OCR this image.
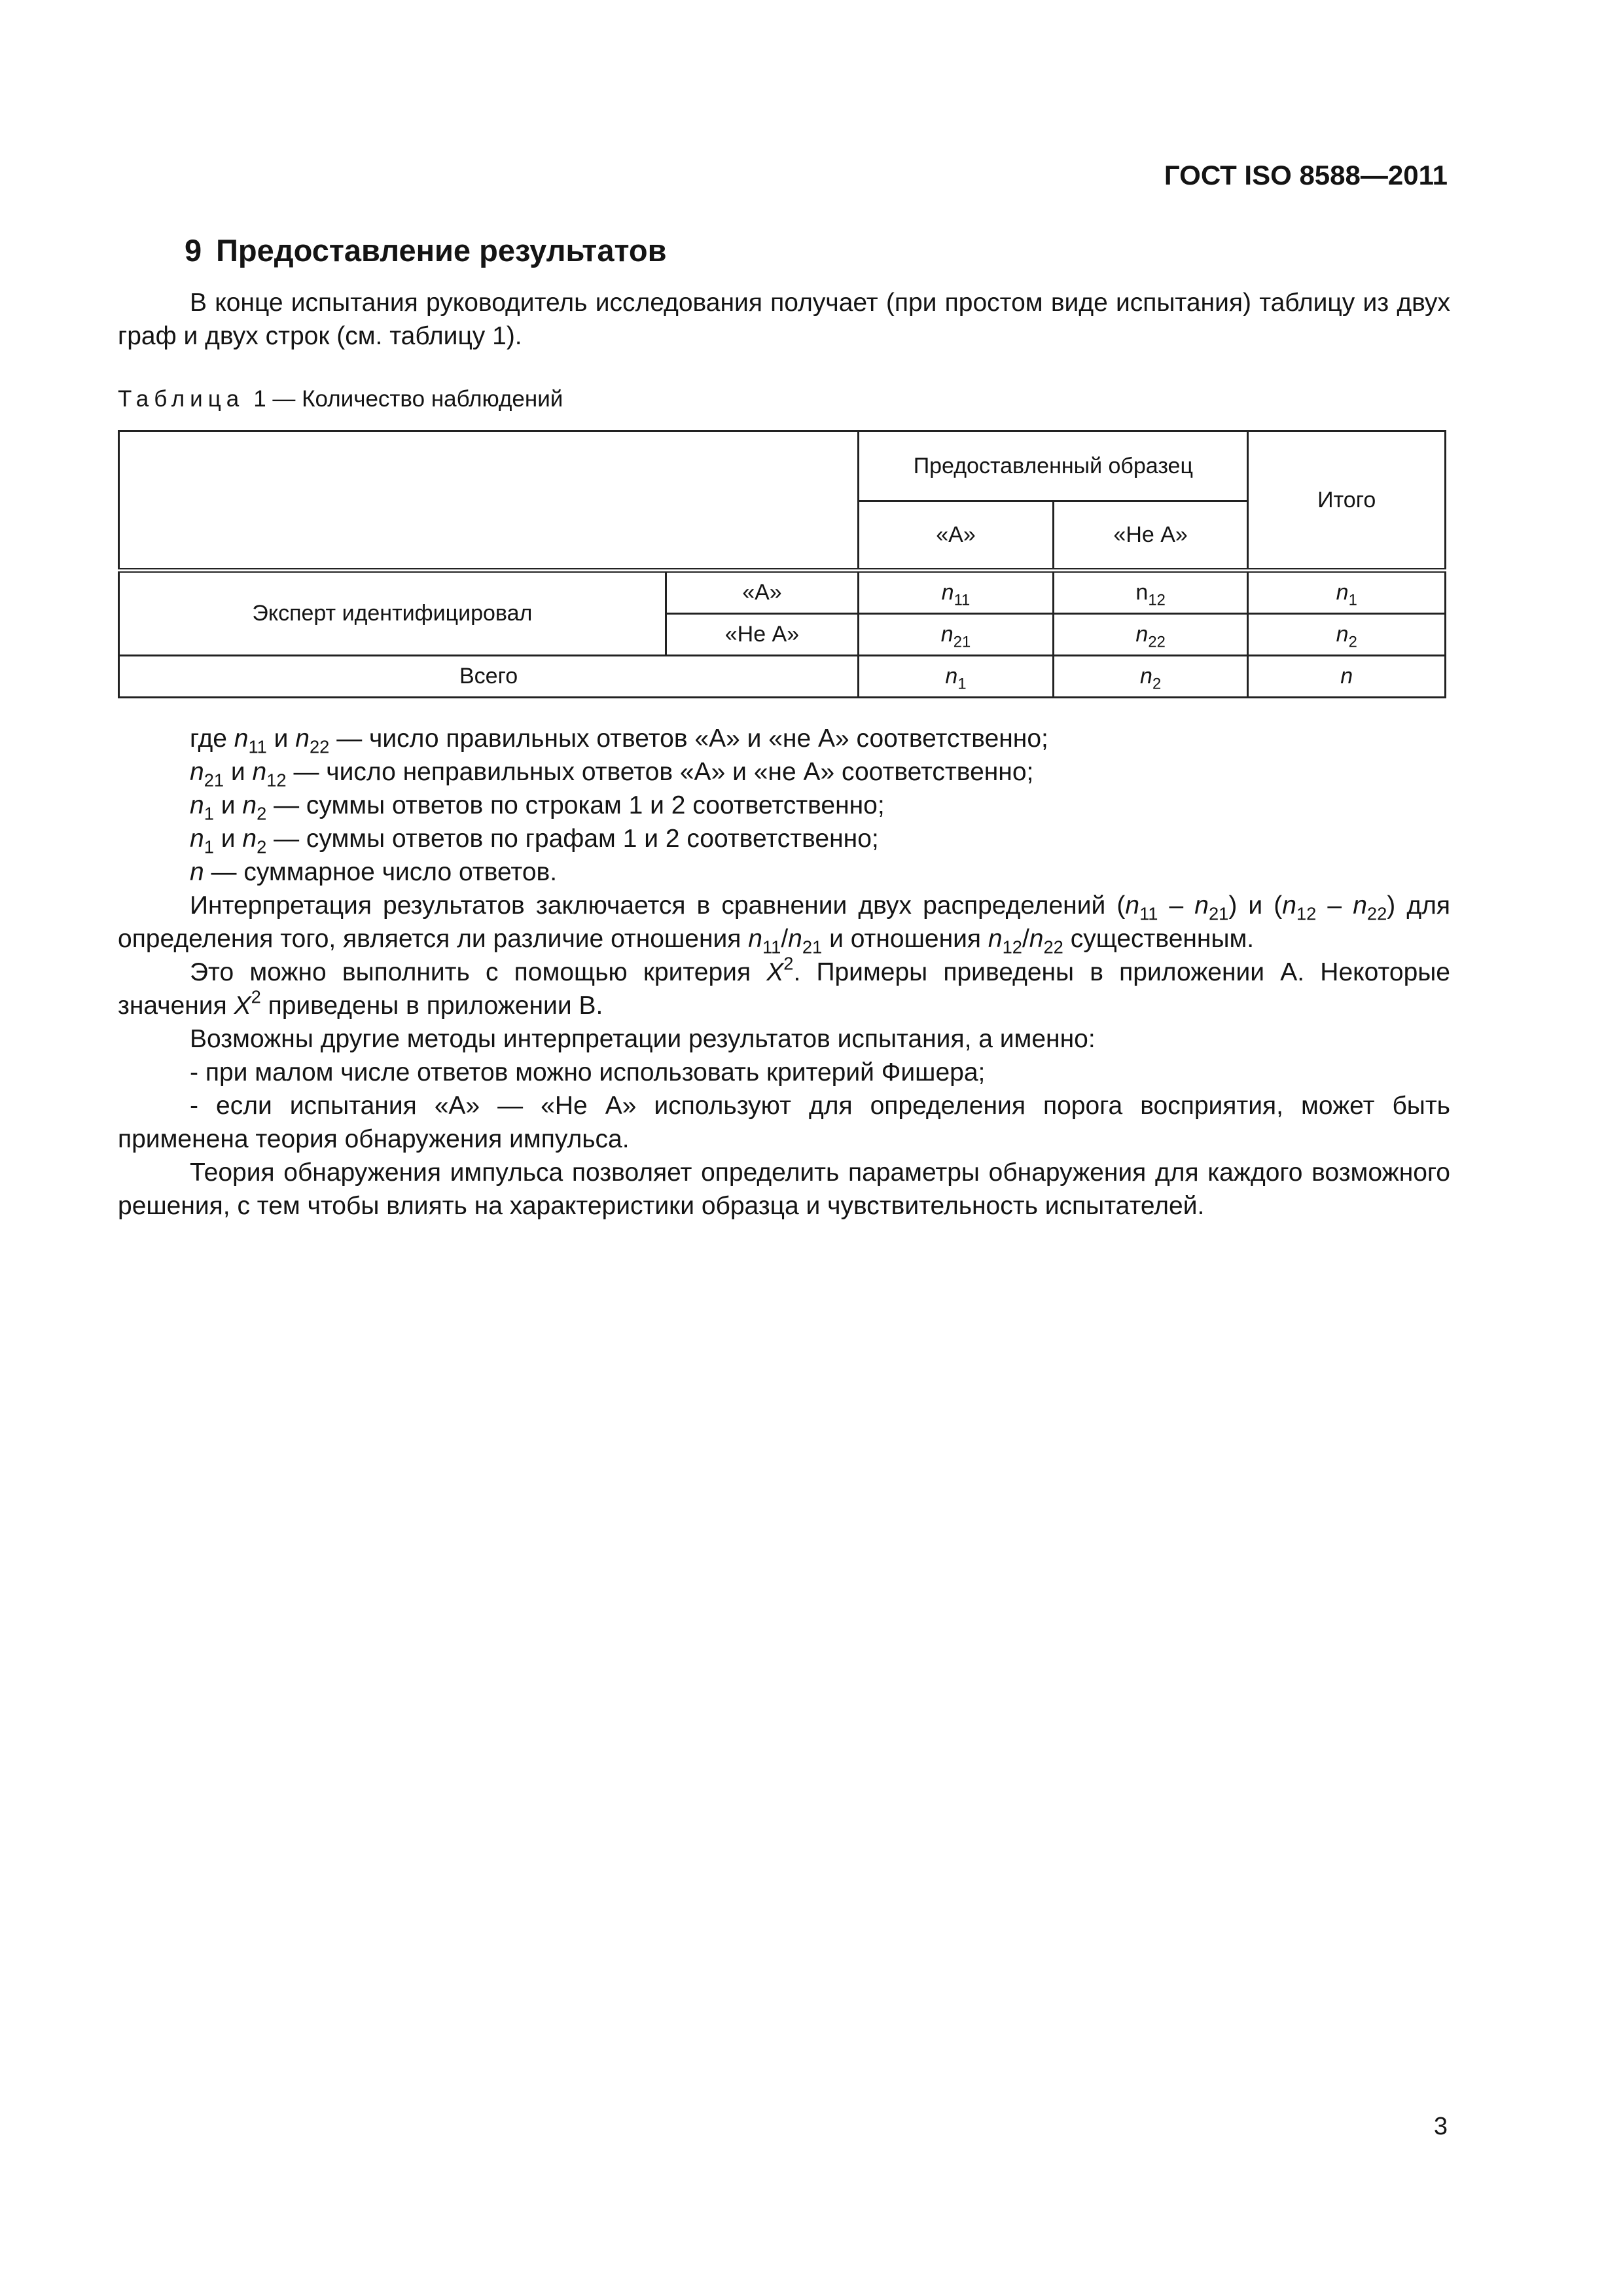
ГОСТ ISO 8588—2011
9 Предоставление результатов

В конце испытания руководитель исследования получает (при простом виде испытания) таблицу из двух граф и двух строк (см. таблицу 1).

Таблица 1 — Количество наблюдений
		Предоставленный образец		Итого
		«А»	«Не А»	
Эксперт идентифицировал	«А»	$n_{11}$	$n_{12}$	$n_1$
	«Не А»	$n_{21}$	$n_{22}$	$n_2$
Всего		$n_1$	$n_2$	n
где $n_{11}$ и $n_{22}$ — число правильных ответов «А» и «не А» соответственно;
$n_{21}$ и $n_{12}$ — число неправильных ответов «А» и «не А» соответственно;
$n_1$ и $n_2$ — суммы ответов по строкам 1 и 2 соответственно;
$n_1$ и $n_2$ — суммы ответов по графам 1 и 2 соответственно;
n — суммарное число ответов.

Интерпретация результатов заключается в сравнении двух распределений $(n_{11} - n_{21})$ и $(n_{12} - n_{22})$ для определения того, является ли различие отношения $n_{11}/n_{21}$ и отношения $n_{12}/n_{22}$ существенным.

Это можно выполнить с помощью критерия $X^2$. Примеры приведены в приложении А. Некоторые значения $X^2$ приведены в приложении В.

Возможны другие методы интерпретации результатов испытания, а именно:

- при малом числе ответов можно использовать критерий Фишера;

- если испытания «А» — «Не А» используют для определения порога восприятия, может быть применена теория обнаружения импульса.

Теория обнаружения импульса позволяет определить параметры обнаружения для каждого возможного решения, с тем чтобы влиять на характеристики образца и чувствительность испытателей.

3
